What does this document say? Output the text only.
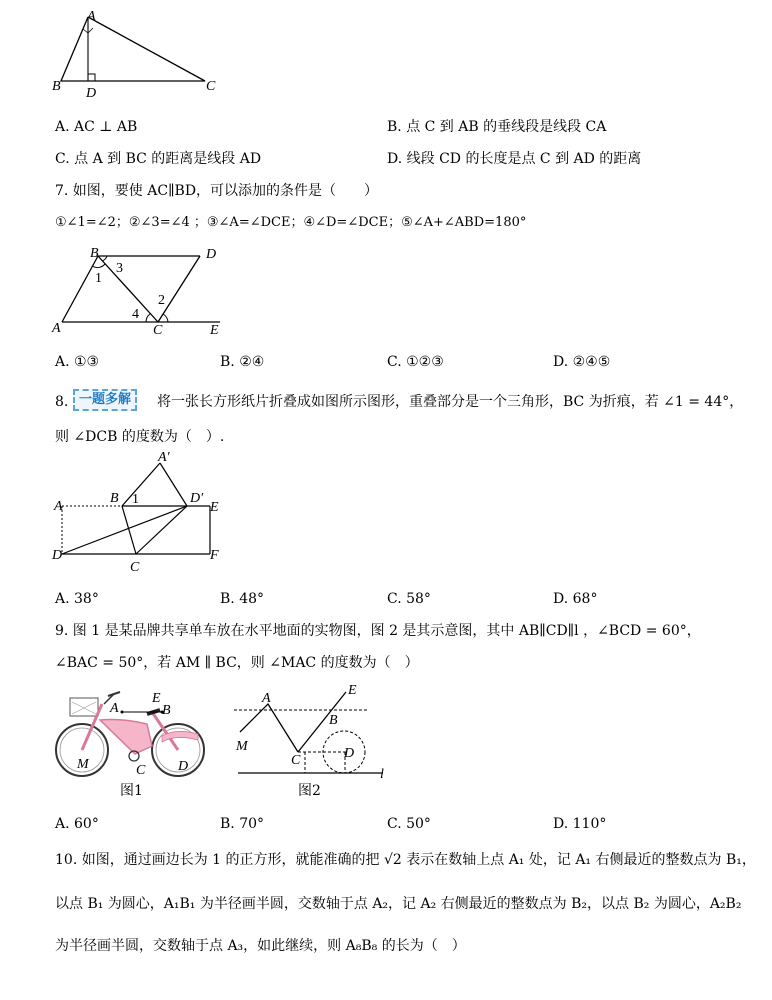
A
B D	C
A. AC ⊥ AB	B. 点 C 到 AB 的垂线段是线段 CA
C. 点 A 到 BC 的距离是线段 AD	D. 线段 CD 的长度是点 C 到 AD 的距离
7. 如图，要使 AC∥BD，可以添加的条件是（　　）
①∠1=∠2；②∠3=∠4 ；③∠A=∠DCE；④∠D=∠DCE；⑤∠A+∠ABD=180°
B	D
A	C	E
1
3
2
4
A. ①③	B. ②④	C. ①②③	D. ②④⑤
8. 一题多解	将一张长方形纸片折叠成如图所示图形，重叠部分是一个三角形，BC 为折痕，若 ∠1 = 44°，
则 ∠DCB 的度数为（　）.
A′
A
B 1	D′
E
D
C
F
A. 38°	B. 48°	C. 58°	D. 68°
9. 图 1 是某品牌共享单车放在水平地面的实物图，图 2 是其示意图，其中 AB∥CD∥l ，∠BCD = 60°，
∠BAC = 50°，若 AM ∥ BC，则 ∠MAC 的度数为（　）
A
E
B
M	C D
图1
A
E
B
M
C	D
l
图2
A. 60°	B. 70°	C. 50°	D. 110°
10. 如图，通过画边长为 1 的正方形，就能准确的把 √2 表示在数轴上点 A₁ 处，记 A₁ 右侧最近的整数点为 B₁，
以点 B₁ 为圆心，A₁B₁ 为半径画半圆，交数轴于点 A₂，记 A₂ 右侧最近的整数点为 B₂，以点 B₂ 为圆心，A₂B₂
为半径画半圆，交数轴于点 A₃，如此继续，则 A₈B₈ 的长为（　）
